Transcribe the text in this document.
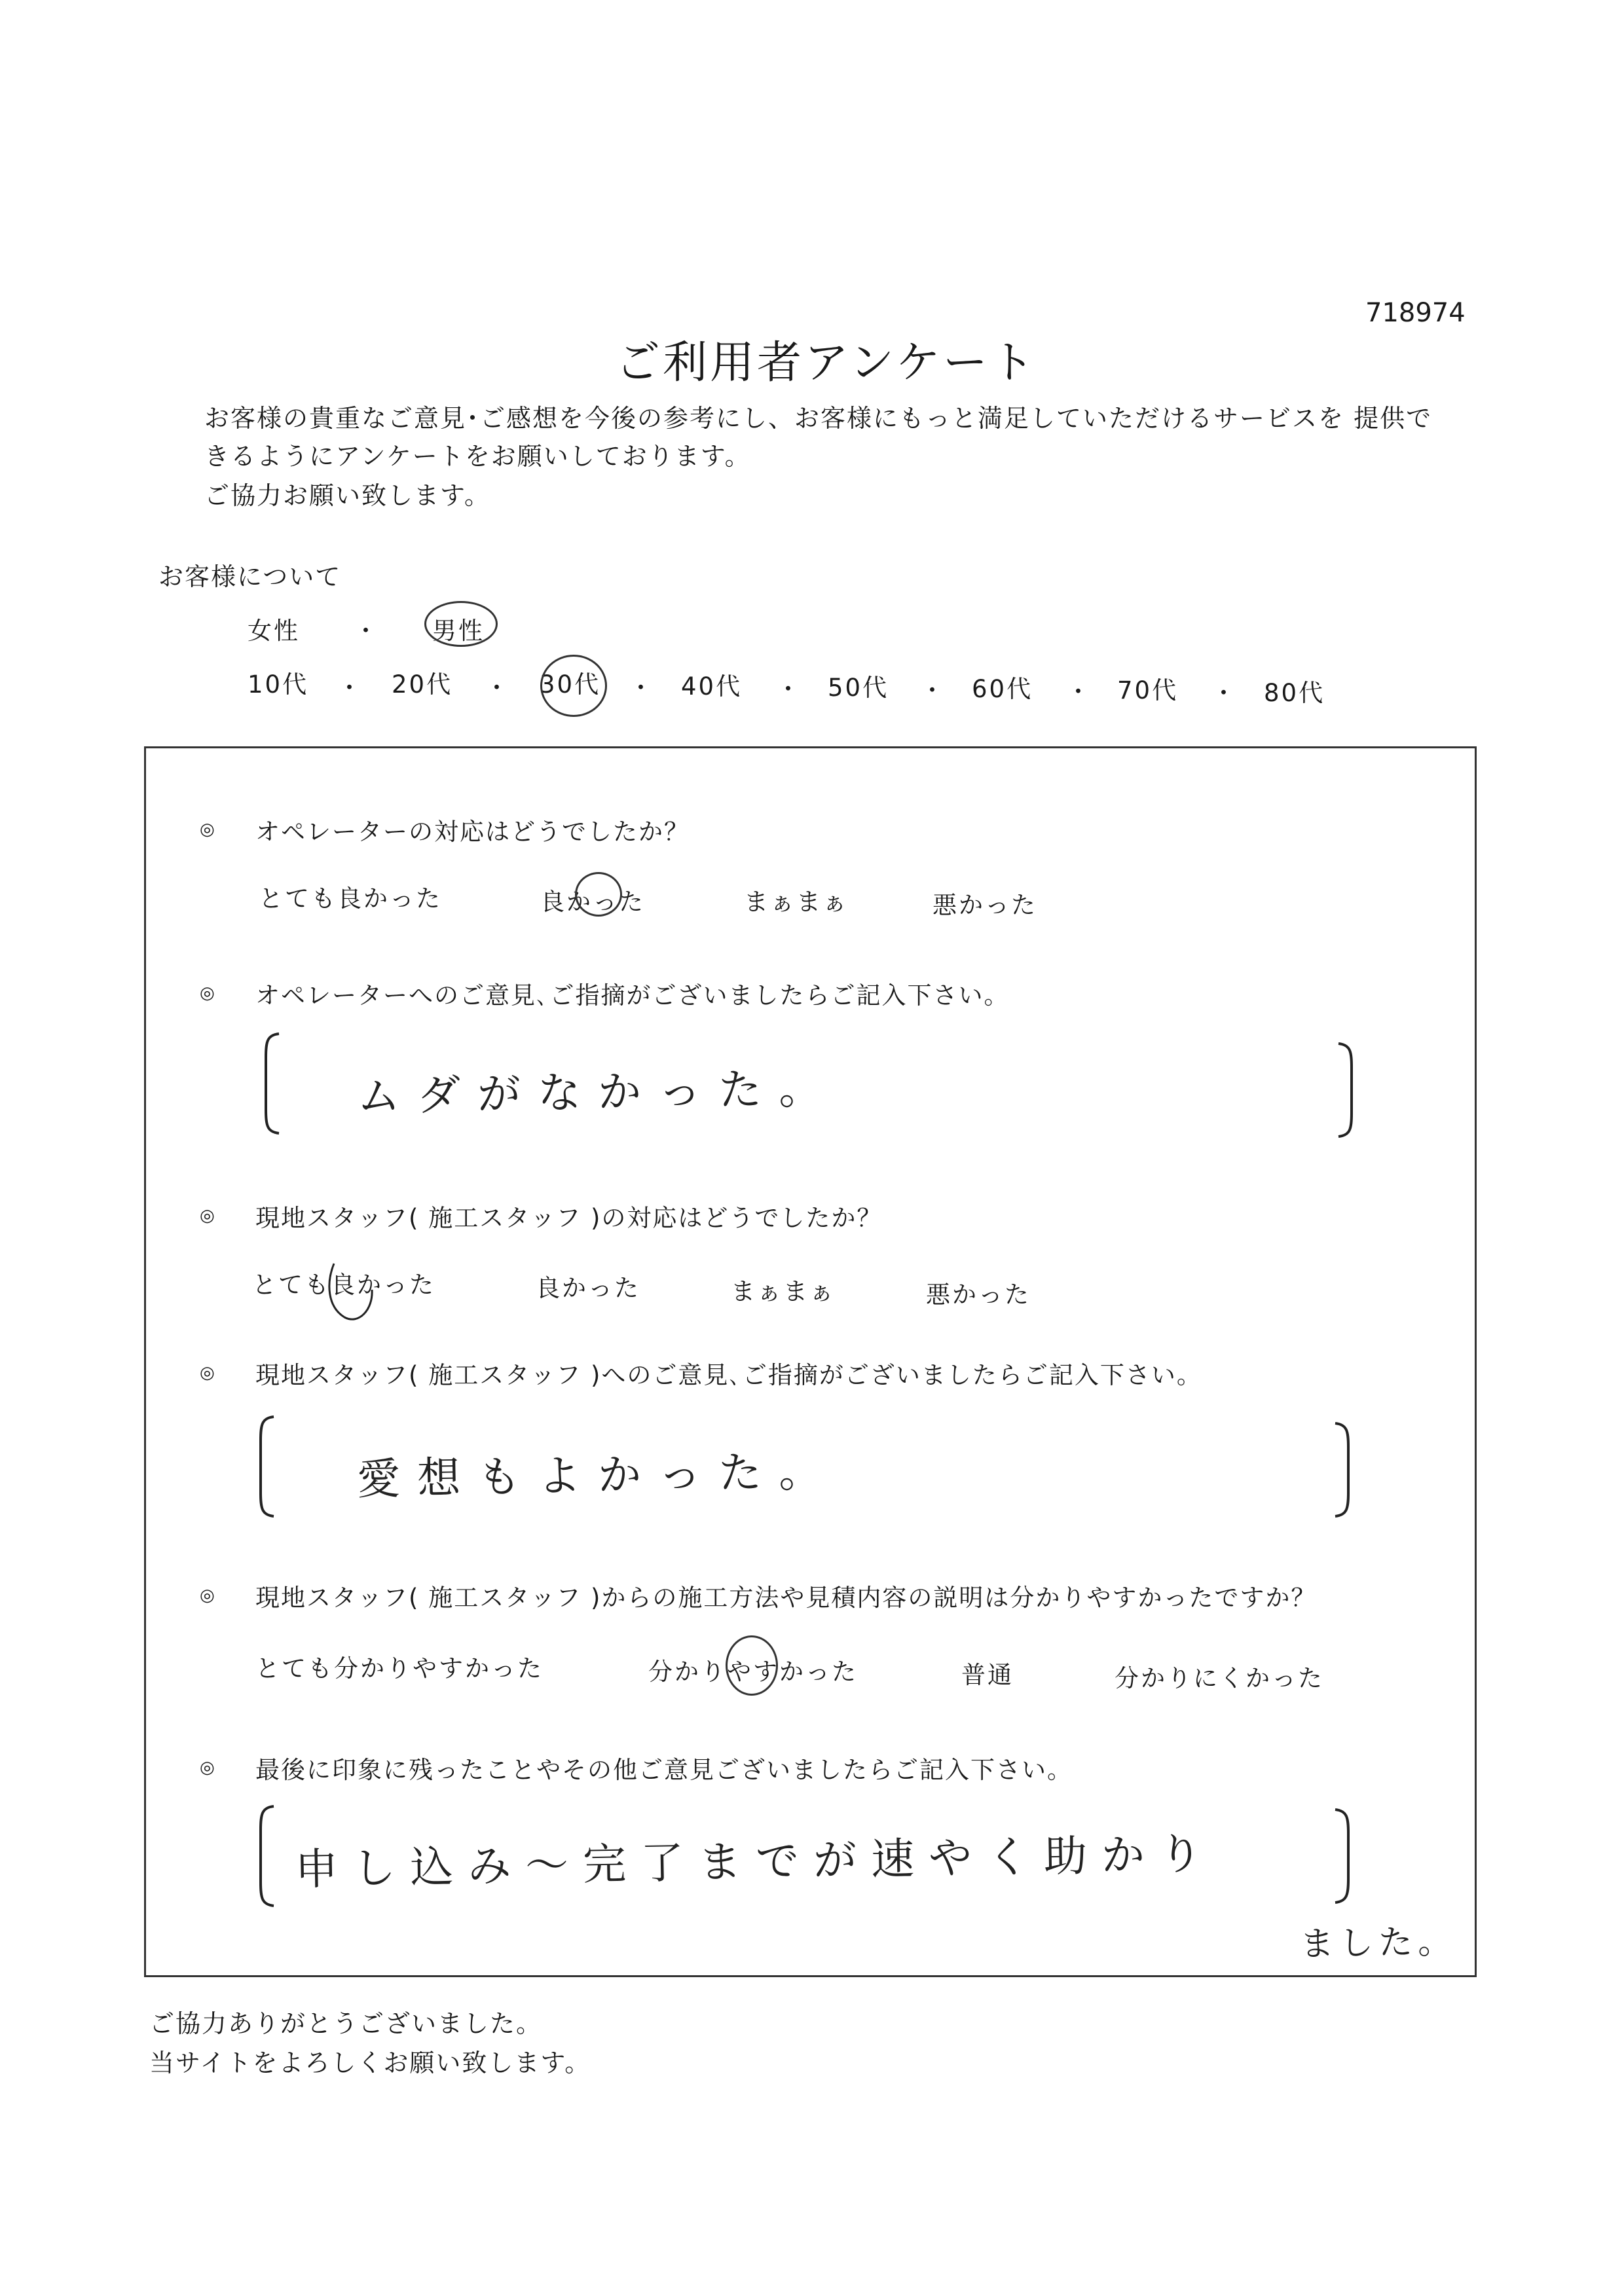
718974
ご利用者アンケート
お客様の貴重なご意見･ご感想を今後の参考にし、お客様にもっと満足していただけるサービスを 提供で
きるようにアンケートをお願いしております。
ご協力お願い致します。
お客様について
女性 ・ 男性
10代 ・ 20代 ・ 30代 ・ 40代 ・ 50代 ・ 60代 ・ 70代 ・ 80代
◎ オペレーターの対応はどうでしたか？
とても良かった	良かった	まぁまぁ	悪かった
◎ オペレーターへのご意見､ご指摘がございましたらご記入下さい。
ムダがなかった。
◎ 現地スタッフ( 施工スタッフ )の対応はどうでしたか？
とても良かった	良かった	まぁまぁ	悪かった
◎ 現地スタッフ( 施工スタッフ )へのご意見､ご指摘がございましたらご記入下さい。
愛想もよかった。
◎ 現地スタッフ( 施工スタッフ )からの施工方法や見積内容の説明は分かりやすかったですか？
とても分かりやすかった	分かりやすかった	普通	分かりにくかった
◎ 最後に印象に残ったことやその他ご意見ございましたらご記入下さい。
申し込み～完了までが速やく助かり
ました。
ご協力ありがとうございました。
当サイトをよろしくお願い致します。
